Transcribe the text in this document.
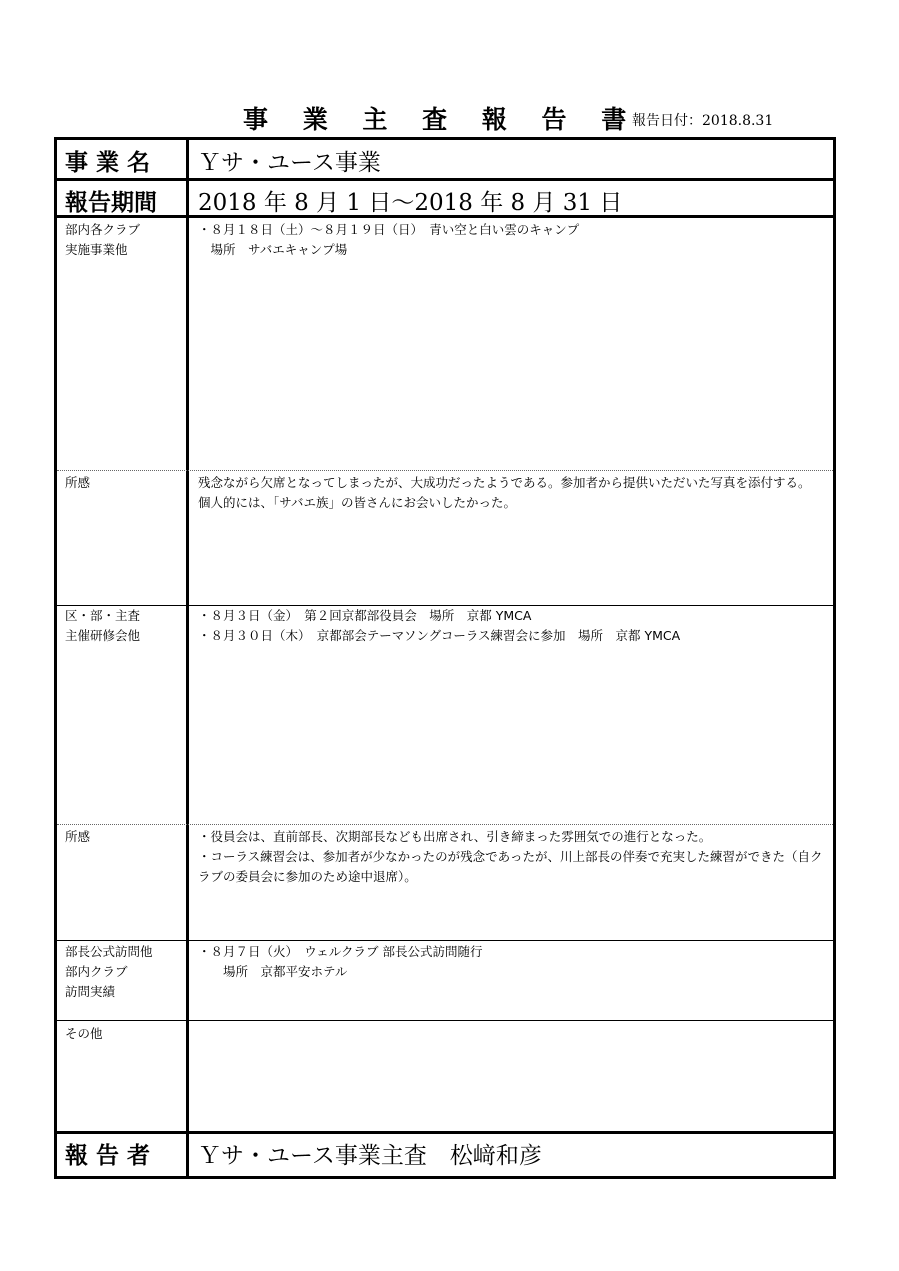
事 業 主 査 報 告 書
報告日付：2018.8.31
事 業 名 Ｙサ・ユース事業
報告期間 2018 年 8 月 1 日～2018 年 8 月 31 日
部内各クラブ
実施事業他
・８月１８日（土）～８月１９日（日）　青い空と白い雲のキャンプ
　場所　サバエキャンプ場
所感	残念ながら欠席となってしまったが、大成功だったようである。参加者から提供いただいた写真を添付する。
個人的には、「サバエ族」の皆さんにお会いしたかった。
区・部・主査
主催研修会他
・８月３日（金）　第２回京都部役員会　場所　京都 YMCA
・８月３０日（木）　京都部会テーマソングコーラス練習会に参加　場所　京都 YMCA
所感	・役員会は、直前部長、次期部長なども出席され、引き締まった雰囲気での進行となった。
・コーラス練習会は、参加者が少なかったのが残念であったが、川上部長の伴奏で充実した練習ができた（自クラブの委員会に参加のため途中退席）。
部長公式訪問他
部内クラブ
訪問実績
・８月７日（火）　ウェルクラブ 部長公式訪問随行
　　場所　京都平安ホテル
その他
報 告 者 Ｙサ・ユース事業主査　松﨑和彦
